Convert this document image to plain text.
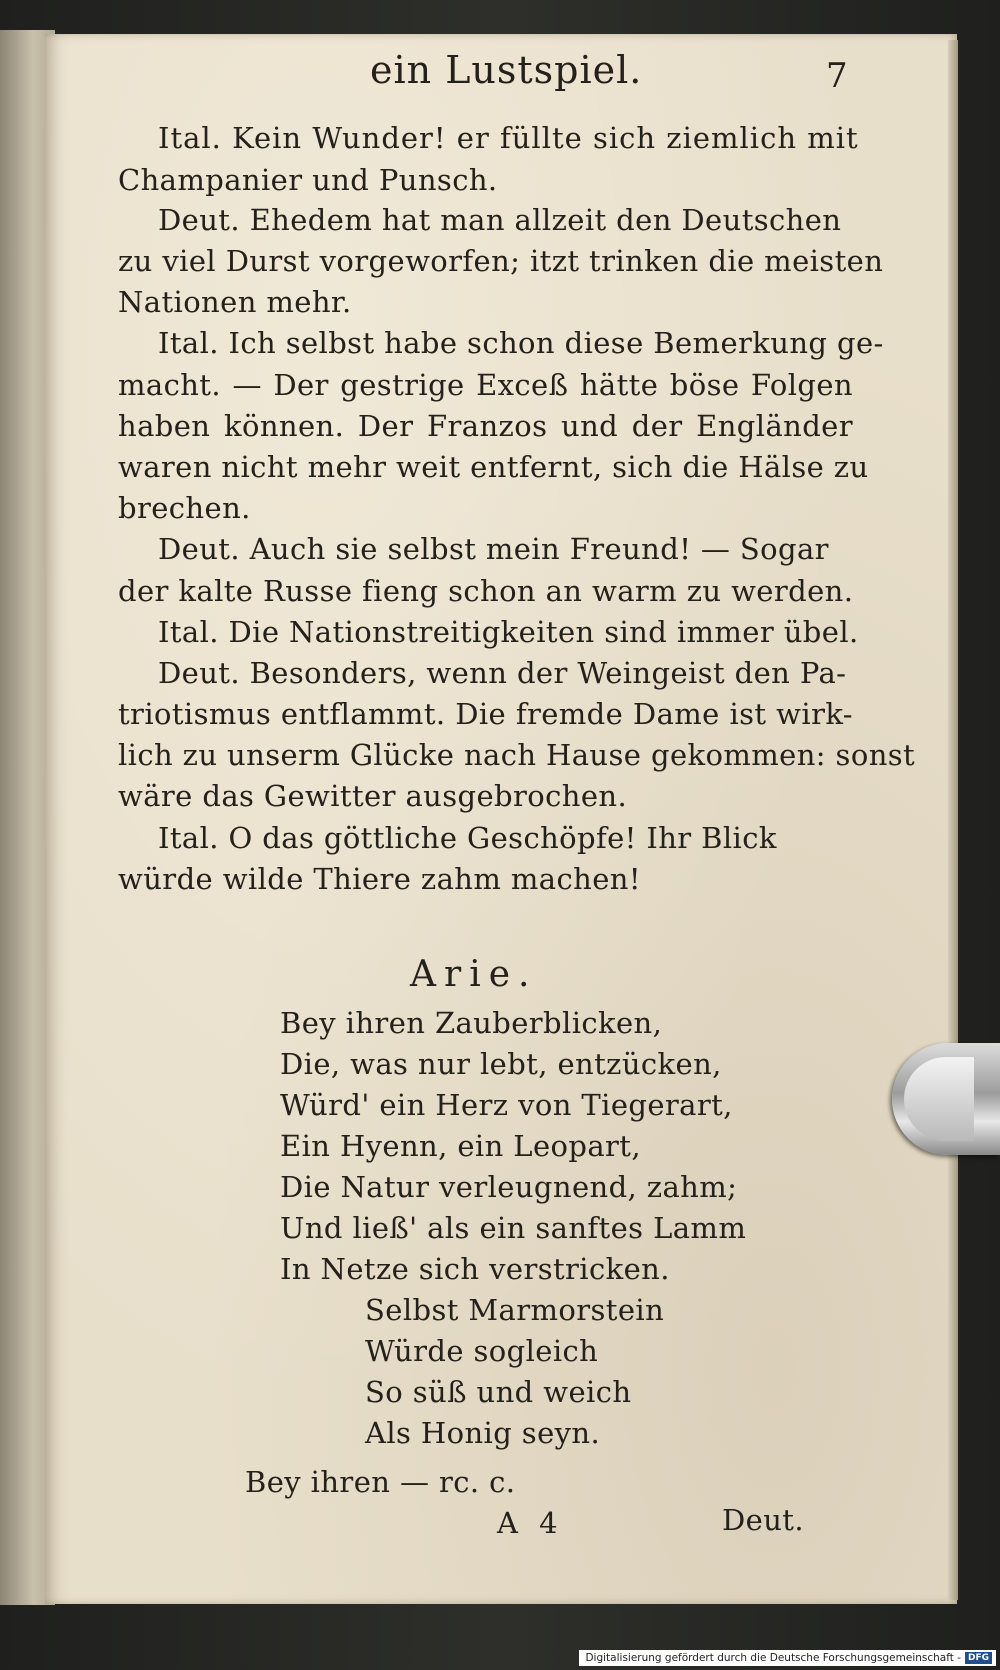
ein Lustspiel.	7
Ital. Kein Wunder! er füllte sich ziemlich mit
Champanier und Punsch.
Deut. Ehedem hat man allzeit den Deutschen
zu viel Durst vorgeworfen; itzt trinken die meisten
Nationen mehr.
Ital. Ich selbst habe schon diese Bemerkung ge-
macht. — Der gestrige Exceß hätte böse Folgen
haben können. Der Franzos und der Engländer
waren nicht mehr weit entfernt, sich die Hälse zu
brechen.
Deut. Auch sie selbst mein Freund! — Sogar
der kalte Russe fieng schon an warm zu werden.
Ital. Die Nationstreitigkeiten sind immer übel.
Deut. Besonders, wenn der Weingeist den Pa-
triotismus entflammt. Die fremde Dame ist wirk-
lich zu unserm Glücke nach Hause gekommen: sonst
wäre das Gewitter ausgebrochen.
Ital. O das göttliche Geschöpfe! Ihr Blick
würde wilde Thiere zahm machen!
Arie.
Bey ihren Zauberblicken,
Die, was nur lebt, entzücken,
Würd' ein Herz von Tiegerart,
Ein Hyenn, ein Leopart,
Die Natur verleugnend, zahm;
Und ließ' als ein sanftes Lamm
In Netze sich verstricken.
Selbst Marmorstein
Würde sogleich
So süß und weich
Als Honig seyn.
Bey ihren — rc. c.
A 4	Deut.
Digitalisierung gefördert durch die Deutsche Forschungsgemeinschaft - DFG
